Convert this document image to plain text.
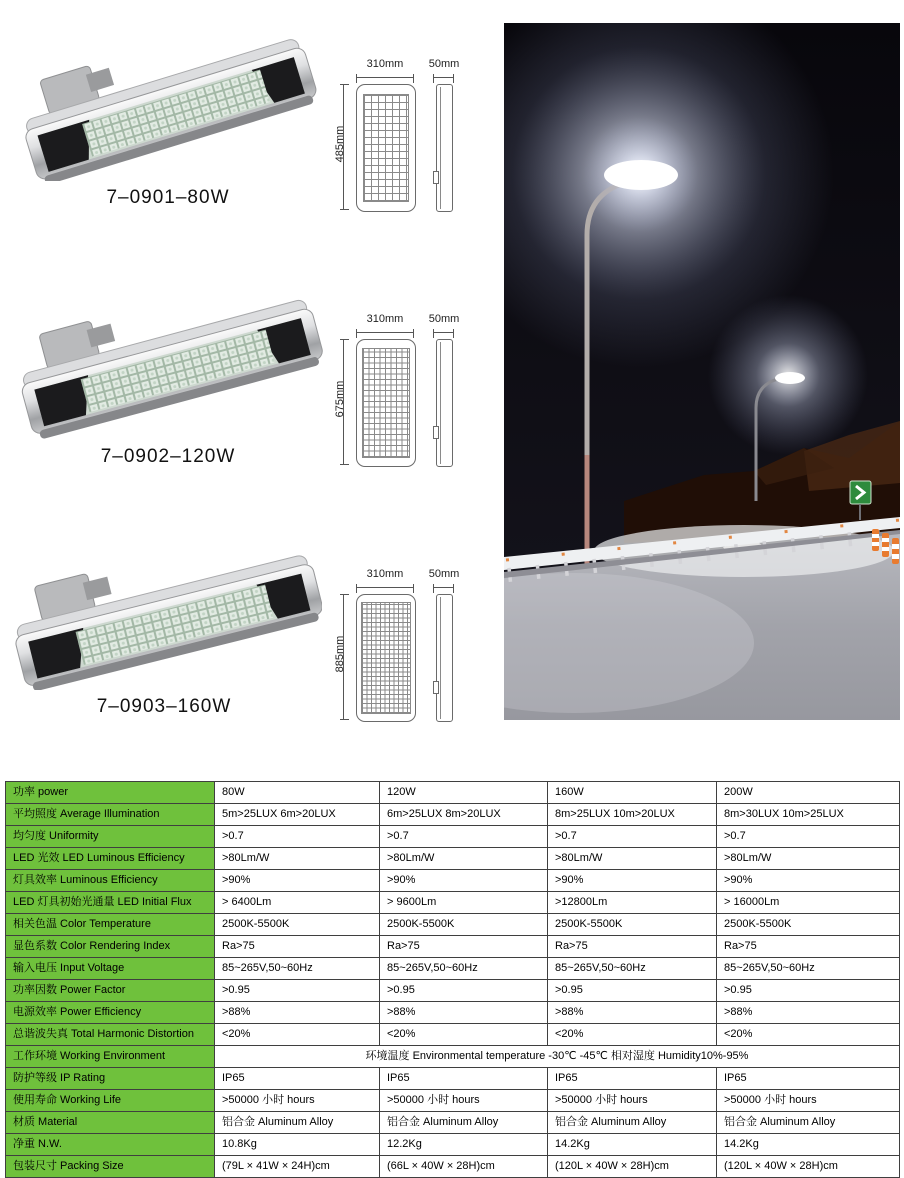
7–0901–80W
7–0902–120W
7–0903–160W
310mm	50mm
485mm
310mm	50mm
675mm
310mm	50mm
885mm
功率 power	80W	120W	160W	200W
平均照度 Average Illumination	5m>25LUX 6m>20LUX	6m>25LUX 8m>20LUX	8m>25LUX 10m>20LUX	8m>30LUX 10m>25LUX
均匀度 Uniformity	>0.7	>0.7	>0.7	>0.7
LED 光效 LED Luminous Efficiency	>80Lm/W	>80Lm/W	>80Lm/W	>80Lm/W
灯具效率 Luminous Efficiency	>90%	>90%	>90%	>90%
LED 灯具初始光通量 LED Initial Flux	> 6400Lm	> 9600Lm	>12800Lm	> 16000Lm
相关色温 Color Temperature	2500K-5500K	2500K-5500K	2500K-5500K	2500K-5500K
显色系数 Color Rendering Index	Ra>75	Ra>75	Ra>75	Ra>75
输入电压 Input Voltage	85~265V,50~60Hz	85~265V,50~60Hz	85~265V,50~60Hz	85~265V,50~60Hz
功率因数 Power Factor	>0.95	>0.95	>0.95	>0.95
电源效率 Power Efficiency	>88%	>88%	>88%	>88%
总谐波失真 Total Harmonic Distortion	<20%	<20%	<20%	<20%
工作环境 Working Environment	环境温度 Environmental temperature -30℃ -45℃ 相对湿度 Humidity10%-95%			
防护等级 IP Rating	IP65	IP65	IP65	IP65
使用寿命 Working Life	>50000 小时 hours	>50000 小时 hours	>50000 小时 hours	>50000 小时 hours
材质 Material	铝合金 Aluminum Alloy	铝合金 Aluminum Alloy	铝合金 Aluminum Alloy	铝合金 Aluminum Alloy
净重 N.W.	10.8Kg	12.2Kg	14.2Kg	14.2Kg
包装尺寸 Packing Size	(79L × 41W × 24H)cm	(66L × 40W × 28H)cm	(120L × 40W × 28H)cm	(120L × 40W × 28H)cm
